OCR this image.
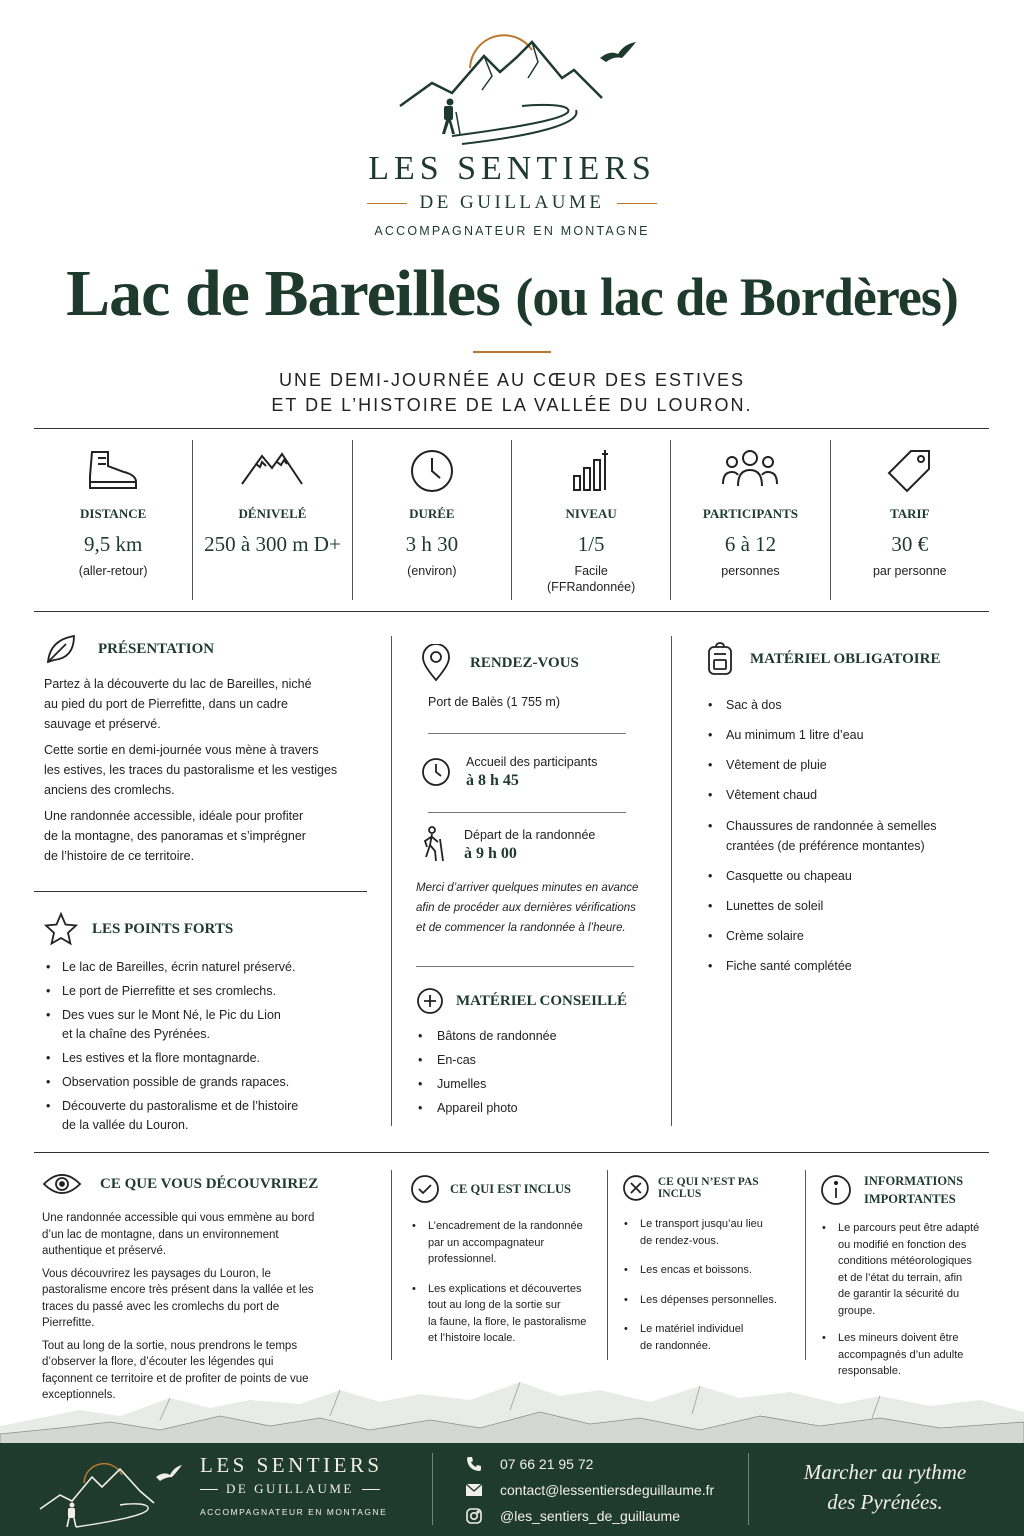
LES SENTIERS
DE GUILLAUME
ACCOMPAGNATEUR EN MONTAGNE
Lac de Bareilles (ou lac de Bordères)
UNE DEMI-JOURNÉE AU CŒUR DES ESTIVES
ET DE L’HISTOIRE DE LA VALLÉE DU LOURON.
DISTANCE
9,5 km
(aller-retour)
DÉNIVELÉ
250 à 300 m D+
DURÉE
3 h 30
(environ)
NIVEAU
1/5
Facile
(FFRandonnée)
PARTICIPANTS
6 à 12
personnes
TARIF
30 €
par personne
PRÉSENTATION
Partez à la découverte du lac de Bareilles, niché
au pied du port de Pierrefitte, dans un cadre
sauvage et préservé.
Cette sortie en demi-journée vous mène à travers
les estives, les traces du pastoralisme et les vestiges
anciens des cromlechs.
Une randonnée accessible, idéale pour profiter
de la montagne, des panoramas et s’imprégner
de l’histoire de ce territoire.
LES POINTS FORTS
• Le lac de Bareilles, écrin naturel préservé.
• Le port de Pierrefitte et ses cromlechs.
• Des vues sur le Mont Né, le Pic du Lion
et la chaîne des Pyrénées.
• Les estives et la flore montagnarde.
• Observation possible de grands rapaces.
• Découverte du pastoralisme et de l’histoire
de la vallée du Louron.
RENDEZ-VOUS
Port de Balès (1 755 m)
Accueil des participants
à 8 h 45
Départ de la randonnée
à 9 h 00
Merci d’arriver quelques minutes en avance
afin de procéder aux dernières vérifications
et de commencer la randonnée à l’heure.
MATÉRIEL CONSEILLÉ
• Bâtons de randonnée
• En-cas
• Jumelles
• Appareil photo
MATÉRIEL OBLIGATOIRE
• Sac à dos
• Au minimum 1 litre d’eau
• Vêtement de pluie
• Vêtement chaud
• Chaussures de randonnée à semelles
crantées (de préférence montantes)
• Casquette ou chapeau
• Lunettes de soleil
• Crème solaire
• Fiche santé complétée
CE QUE VOUS DÉCOUVRIREZ
Une randonnée accessible qui vous emmène au bord
d’un lac de montagne, dans un environnement
authentique et préservé.
Vous découvrirez les paysages du Louron, le
pastoralisme encore très présent dans la vallée et les
traces du passé avec les cromlechs du port de
Pierrefitte.
Tout au long de la sortie, nous prendrons le temps
d’observer la flore, d’écouter les légendes qui
façonnent ce territoire et de profiter de points de vue
exceptionnels.
CE QUI EST INCLUS
• L’encadrement de la randonnée
par un accompagnateur
professionnel.
• Les explications et découvertes
tout au long de la sortie sur
la faune, la flore, le pastoralisme
et l’histoire locale.
CE QUI N’EST PAS INCLUS
• Le transport jusqu’au lieu
de rendez-vous.
• Les encas et boissons.
• Les dépenses personnelles.
• Le matériel individuel
de randonnée.
INFORMATIONS
IMPORTANTES
• Le parcours peut être adapté
ou modifié en fonction des
conditions météorologiques
et de l’état du terrain, afin
de garantir la sécurité du
groupe.
• Les mineurs doivent être
accompagnés d’un adulte
responsable.
LES SENTIERS
DE GUILLAUME
ACCOMPAGNATEUR EN MONTAGNE
07 66 21 95 72
contact@lessentiersdeguillaume.fr
@les_sentiers_de_guillaume
Marcher au rythme
des Pyrénées.
